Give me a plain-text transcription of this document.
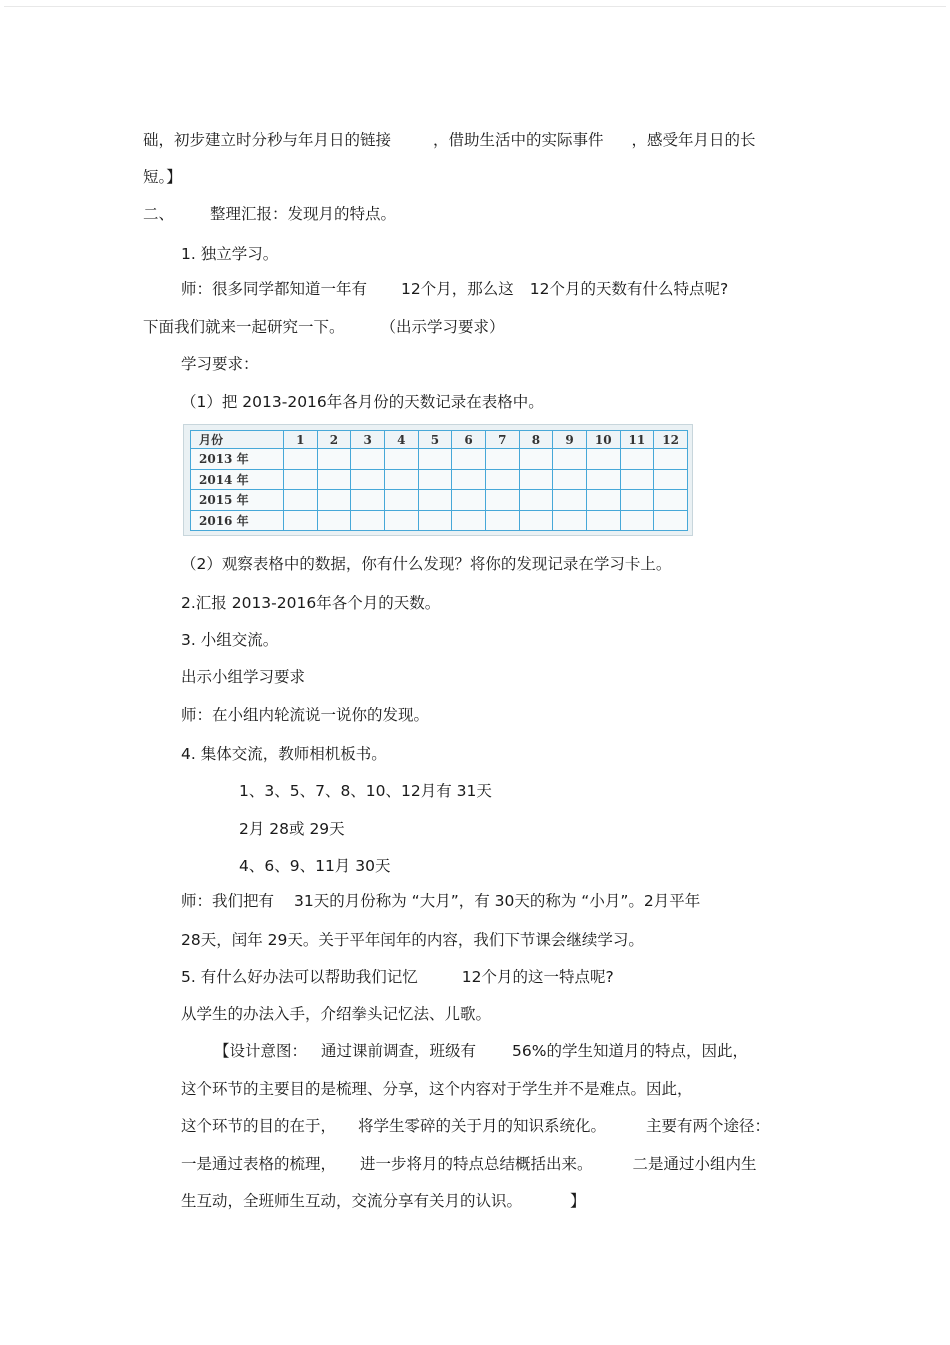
础，初步建立时分秒与年月日的链接	，借助生活中的实际事件 ，感受年月日的长
短。】
二、 整理汇报：发现月的特点。
1. 独立学习。
师：很多同学都知道一年有 12个月，那么这 12个月的天数有什么特点呢?
下面我们就来一起研究一下。 （出示学习要求）
学习要求：
（1）把 2013-2016年各月份的天数记录在表格中。
月份	1	2	3	4	5	6	7	8	9	10	11	12
2013 年												
2014 年												
2015 年												
2016 年												
（2）观察表格中的数据，你有什么发现？将你的发现记录在学习卡上。
2.汇报 2013-2016年各个月的天数。
3. 小组交流。
出示小组学习要求
师：在小组内轮流说一说你的发现。
4. 集体交流，教师相机板书。
1、3、5、7、8、10、12月有 31天
2月 28或 29天
4、6、9、11月 30天
师：我们把有 31天的月份称为 “大月”，有 30天的称为 “小月”。2月平年
28天，闰年 29天。关于平年闰年的内容，我们下节课会继续学习。
5. 有什么好办法可以帮助我们记忆	12个月的这一特点呢?
从学生的办法入手，介绍拳头记忆法、儿歌。
【设计意图： 通过课前调查，班级有 56%的学生知道月的特点，因此，
这个环节的主要目的是梳理、分享，这个内容对于学生并不是难点。因此，
这个环节的目的在于， 将学生零碎的关于月的知识系统化。	主要有两个途径：
一是通过表格的梳理， 进一步将月的特点总结概括出来。	二是通过小组内生
生互动，全班师生互动，交流分享有关月的认识。	】
